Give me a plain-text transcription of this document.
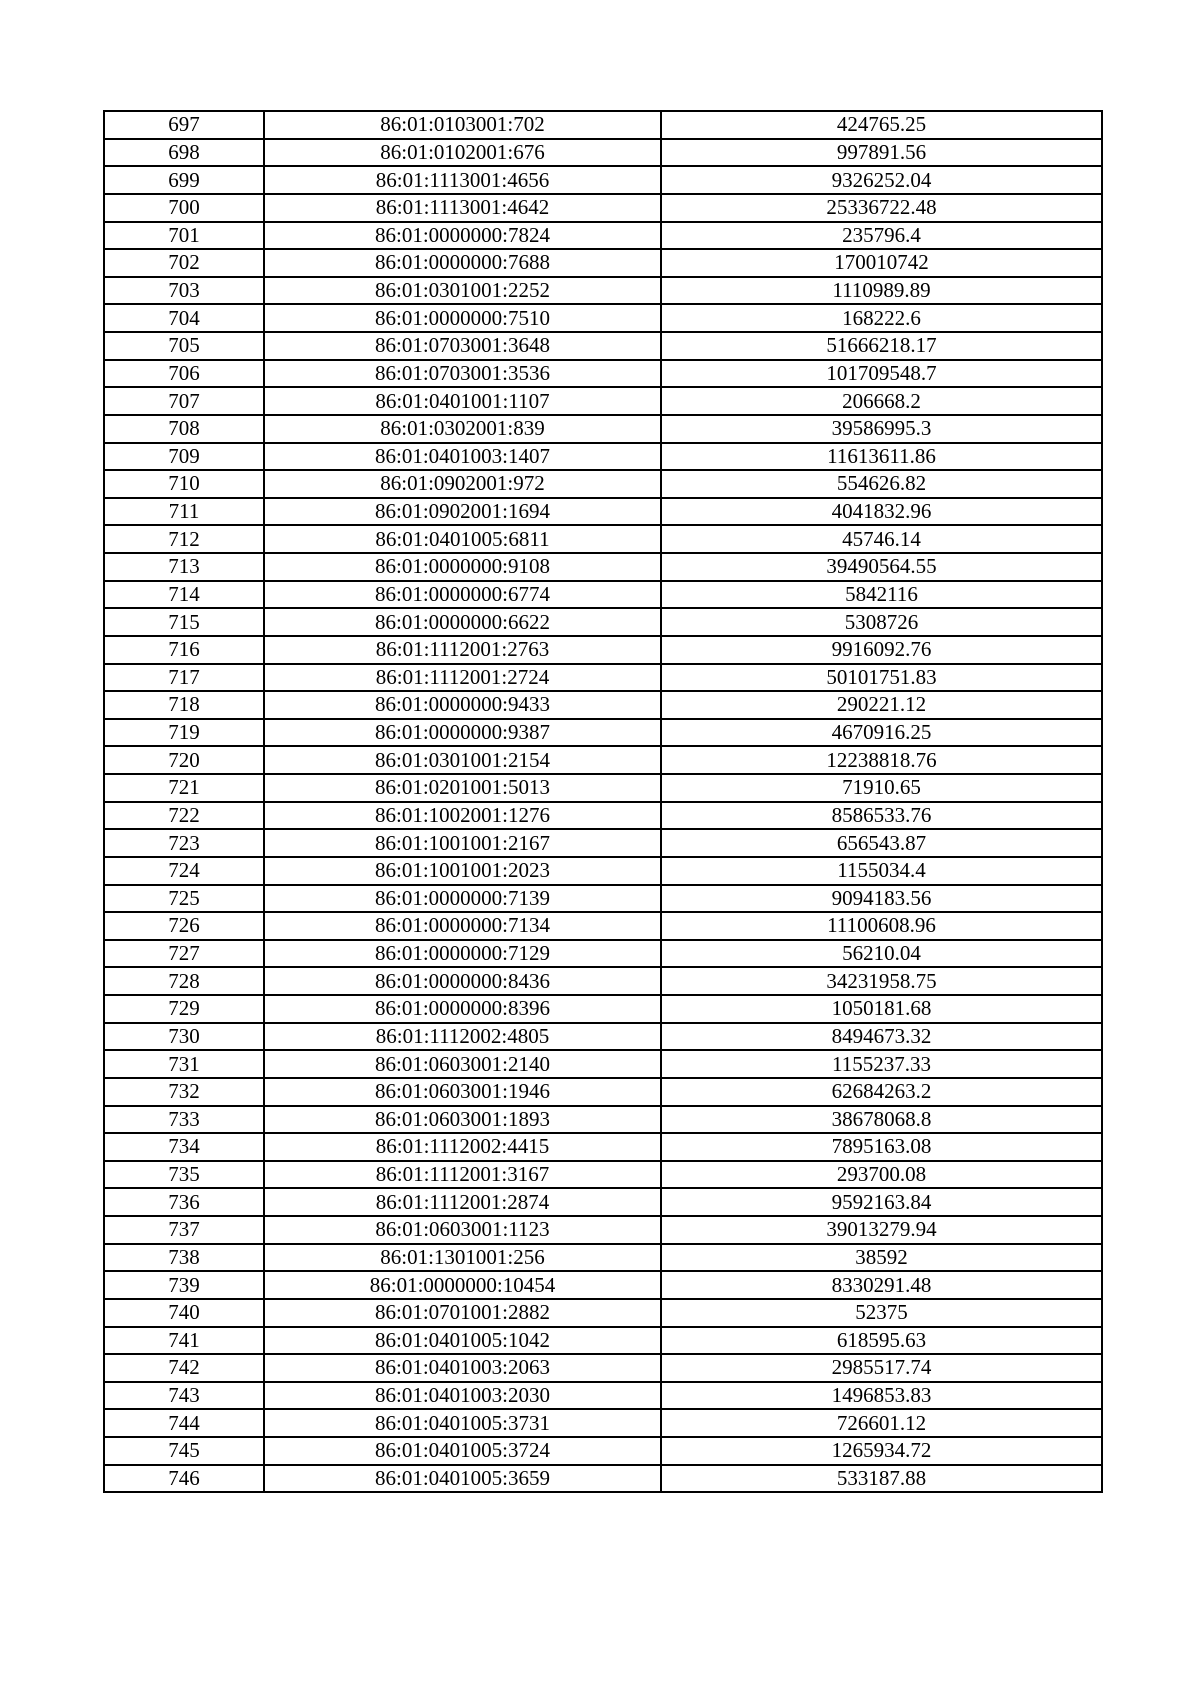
697	86:01:0103001:702	424765.25
698	86:01:0102001:676	997891.56
699	86:01:1113001:4656	9326252.04
700	86:01:1113001:4642	25336722.48
701	86:01:0000000:7824	235796.4
702	86:01:0000000:7688	170010742
703	86:01:0301001:2252	1110989.89
704	86:01:0000000:7510	168222.6
705	86:01:0703001:3648	51666218.17
706	86:01:0703001:3536	101709548.7
707	86:01:0401001:1107	206668.2
708	86:01:0302001:839	39586995.3
709	86:01:0401003:1407	11613611.86
710	86:01:0902001:972	554626.82
711	86:01:0902001:1694	4041832.96
712	86:01:0401005:6811	45746.14
713	86:01:0000000:9108	39490564.55
714	86:01:0000000:6774	5842116
715	86:01:0000000:6622	5308726
716	86:01:1112001:2763	9916092.76
717	86:01:1112001:2724	50101751.83
718	86:01:0000000:9433	290221.12
719	86:01:0000000:9387	4670916.25
720	86:01:0301001:2154	12238818.76
721	86:01:0201001:5013	71910.65
722	86:01:1002001:1276	8586533.76
723	86:01:1001001:2167	656543.87
724	86:01:1001001:2023	1155034.4
725	86:01:0000000:7139	9094183.56
726	86:01:0000000:7134	11100608.96
727	86:01:0000000:7129	56210.04
728	86:01:0000000:8436	34231958.75
729	86:01:0000000:8396	1050181.68
730	86:01:1112002:4805	8494673.32
731	86:01:0603001:2140	1155237.33
732	86:01:0603001:1946	62684263.2
733	86:01:0603001:1893	38678068.8
734	86:01:1112002:4415	7895163.08
735	86:01:1112001:3167	293700.08
736	86:01:1112001:2874	9592163.84
737	86:01:0603001:1123	39013279.94
738	86:01:1301001:256	38592
739	86:01:0000000:10454	8330291.48
740	86:01:0701001:2882	52375
741	86:01:0401005:1042	618595.63
742	86:01:0401003:2063	2985517.74
743	86:01:0401003:2030	1496853.83
744	86:01:0401005:3731	726601.12
745	86:01:0401005:3724	1265934.72
746	86:01:0401005:3659	533187.88
